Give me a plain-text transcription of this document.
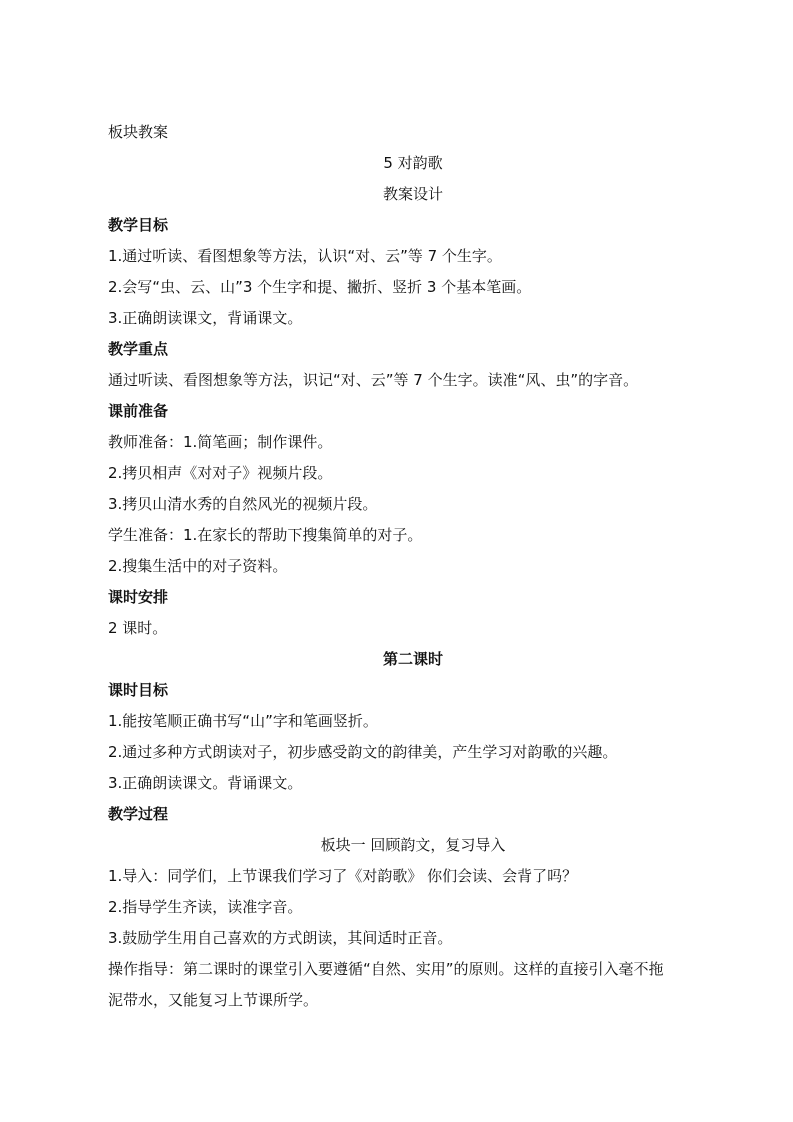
板块教案
5 对韵歌
教案设计
教学目标
1.通过听读、看图想象等方法，认识“对、云”等 7 个生字。
2.会写“虫、云、山”3 个生字和提、撇折、竖折 3 个基本笔画。
3.正确朗读课文，背诵课文。
教学重点
通过听读、看图想象等方法，识记“对、云”等 7 个生字。读准“风、虫”的字音。
课前准备
教师准备：1.简笔画；制作课件。
2.拷贝相声《对对子》视频片段。
3.拷贝山清水秀的自然风光的视频片段。
学生准备：1.在家长的帮助下搜集简单的对子。
2.搜集生活中的对子资料。
课时安排
2 课时。
第二课时
课时目标
1.能按笔顺正确书写“山”字和笔画竖折。
2.通过多种方式朗读对子，初步感受韵文的韵律美，产生学习对韵歌的兴趣。
3.正确朗读课文。背诵课文。
教学过程
板块一 回顾韵文，复习导入
1.导入：同学们，上节课我们学习了《对韵歌》 你们会读、会背了吗？
2.指导学生齐读，读准字音。
3.鼓励学生用自己喜欢的方式朗读，其间适时正音。
操作指导：第二课时的课堂引入要遵循“自然、实用”的原则。这样的直接引入毫不拖
泥带水，又能复习上节课所学。
